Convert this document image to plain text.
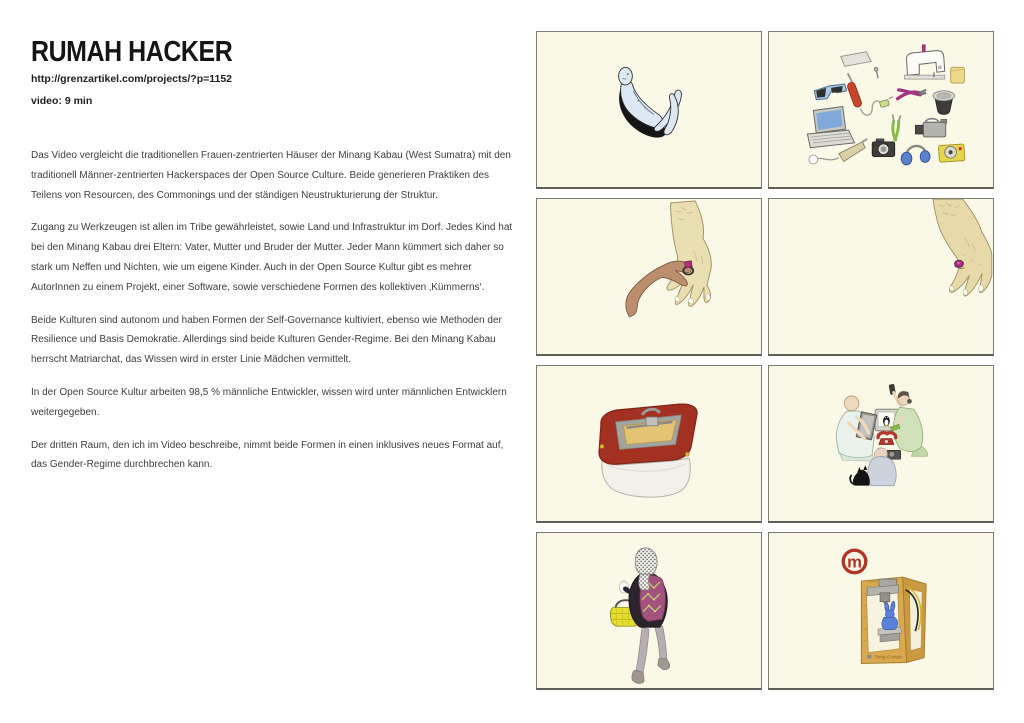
RUMAH HACKER

http://grenzartikel.com/projects/?p=1152

video: 9 min

Das Video vergleicht die traditionellen Frauen-zentrierten Häuser der Minang Kabau (West Sumatra) mit den traditionell Männer-zentrierten Hackerspaces der Open Source Culture. Beide generieren Praktiken des Teilens von Resourcen, des Commonings und der ständigen Neustrukturierung der Struktur.

Zugang zu Werkzeugen ist allen im Tribe gewährleistet, sowie Land und Infrastruktur im Dorf. Jedes Kind hat bei den Minang Kabau drei Eltern: Vater, Mutter und Bruder der Mutter. Jeder Mann kümmert sich daher so stark um Neffen und Nichten, wie um eigene Kinder. Auch in der Open Source Kultur gibt es mehrer AutorInnen zu einem Projekt, einer Software, sowie verschiedene Formen des kollektiven ‚Kümmerns‘.

Beide Kulturen sind autonom und haben Formen der Self-Governance kultiviert, ebenso wie Methoden der Resilience und Basis Demokratie. Allerdings sind beide Kulturen Gender-Regime. Bei den Minang Kabau herrscht Matriarchat, das Wissen wird in erster Linie Mädchen vermittelt.

In der Open Source Kultur arbeiten 98,5 % männliche Entwickler, wissen wird unter männlichen Entwicklern weitergegeben.

Der dritten Raum, den ich im Video beschreibe, nimmt beide Formen in einen inklusives neues Format auf, das Gender-Regime durchbrechen kann.

m
Thing-O-Matic
